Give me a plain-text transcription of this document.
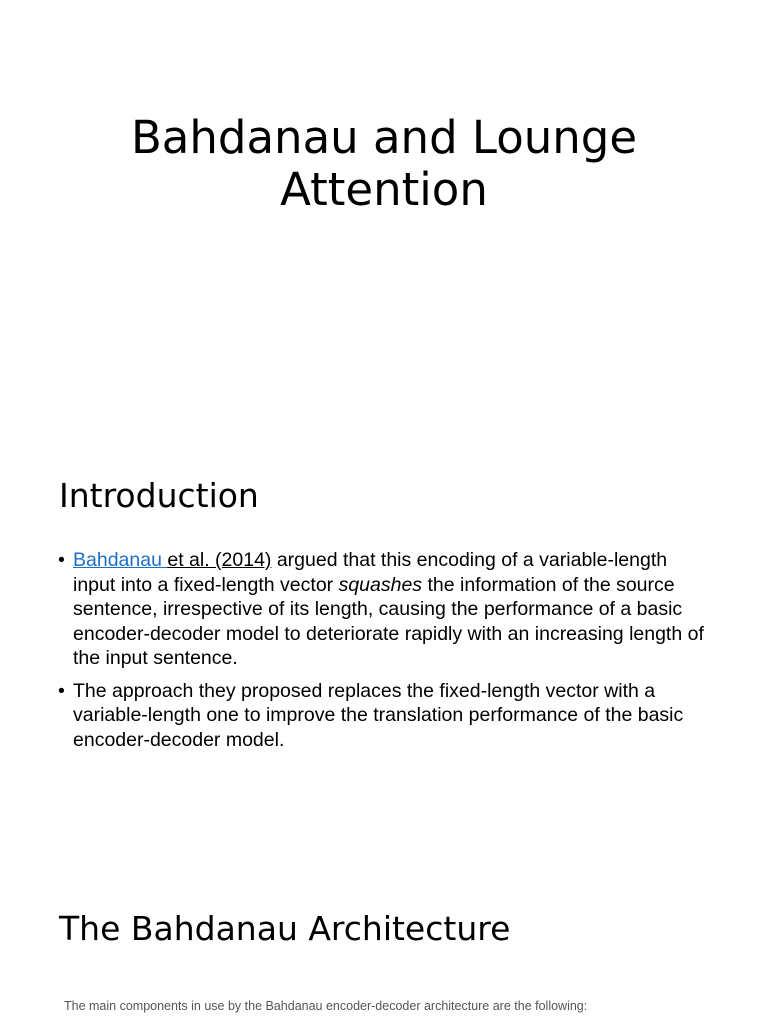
Bahdanau and Lounge
Attention
Introduction
• Bahdanau et al. (2014) argued that this encoding of a variable-length input into a fixed-length vector squashes the information of the source sentence, irrespective of its length, causing the performance of a basic encoder-decoder model to deteriorate rapidly with an increasing length of the input sentence.
• The approach they proposed replaces the fixed-length vector with a variable-length one to improve the translation performance of the basic encoder-decoder model.
The Bahdanau Architecture
The main components in use by the Bahdanau encoder-decoder architecture are the following:
